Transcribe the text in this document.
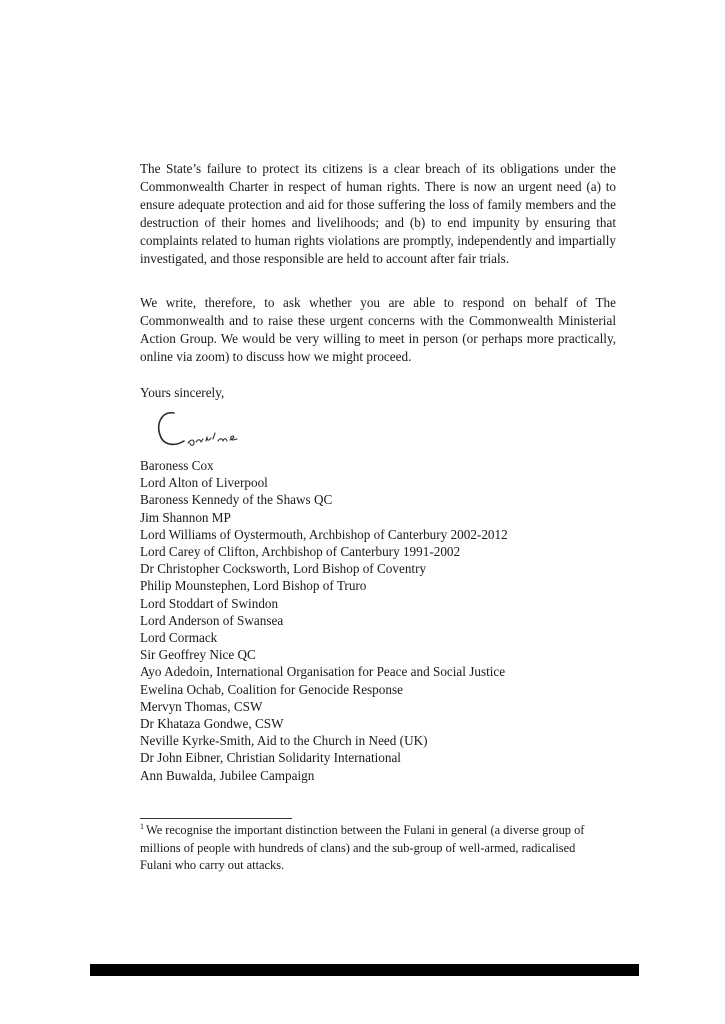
The State’s failure to protect its citizens is a clear breach of its obligations under the Commonwealth Charter in respect of human rights. There is now an urgent need (a) to ensure adequate protection and aid for those suffering the loss of family members and the destruction of their homes and livelihoods; and (b) to end impunity by ensuring that complaints related to human rights violations are promptly, independently and impartially investigated, and those responsible are held to account after fair trials.

We write, therefore, to ask whether you are able to respond on behalf of The Commonwealth and to raise these urgent concerns with the Commonwealth Ministerial Action Group. We would be very willing to meet in person (or perhaps more practically, online via zoom) to discuss how we might proceed.

Yours sincerely,

Baroness Cox
Lord Alton of Liverpool
Baroness Kennedy of the Shaws QC
Jim Shannon MP
Lord Williams of Oystermouth, Archbishop of Canterbury 2002-2012
Lord Carey of Clifton, Archbishop of Canterbury 1991-2002
Dr Christopher Cocksworth, Lord Bishop of Coventry
Philip Mounstephen, Lord Bishop of Truro
Lord Stoddart of Swindon
Lord Anderson of Swansea
Lord Cormack
Sir Geoffrey Nice QC
Ayo Adedoin, International Organisation for Peace and Social Justice
Ewelina Ochab, Coalition for Genocide Response
Mervyn Thomas, CSW
Dr Khataza Gondwe, CSW
Neville Kyrke-Smith, Aid to the Church in Need (UK)
Dr John Eibner, Christian Solidarity International
Ann Buwalda, Jubilee Campaign

$^1$ We recognise the important distinction between the Fulani in general (a diverse group of millions of people with hundreds of clans) and the sub-group of well-armed, radicalised Fulani who carry out attacks.
